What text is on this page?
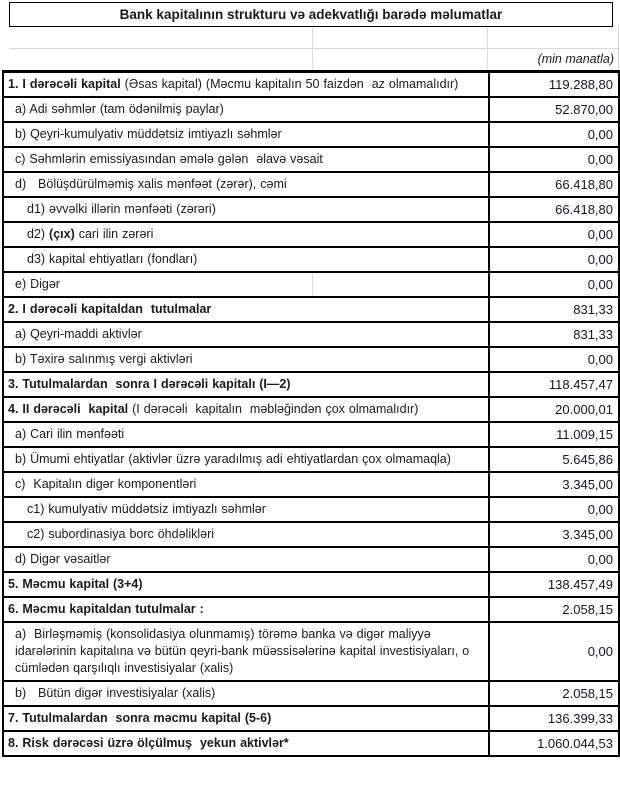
Bank kapitalının strukturu və adekvatlığı barədə məlumatlar
(min manatla)
1. I dərəcəli kapital (Əsas kapital) (Məcmu kapitalın 50 faizdən  az olmamalıdır)	119.288,80
a) Adi səhmlər (tam ödənilmiş paylar)	52.870,00
b) Qeyri-kumulyativ müddətsiz imtiyazlı səhmlər	0,00
c) Səhmlərin emissiyasından əmələ gələn  əlavə vəsait	0,00
d)   Bölüşdürülməmiş xalis mənfəət (zərər), cəmi	66.418,80
d1) əvvəlki illərin mənfəəti (zərəri)	66.418,80
d2) (çıx) cari ilin zərəri	0,00
d3) kapital ehtiyatları (fondları)	0,00
e) Digər	0,00
2. I dərəcəli kapitaldan  tutulmalar	831,33
a) Qeyri-maddi aktivlər	831,33
b) Təxirə salınmış vergi aktivləri	0,00
3. Tutulmalardan  sonra I dərəcəli kapitalı (I—2)	118.457,47
4. II dərəcəli  kapital (I dərəcəli  kapitalın  məbləğindən çox olmamalıdır)	20.000,01
a) Cari ilin mənfəəti	11.009,15
b) Ümumi ehtiyatlar (aktivlər üzrə yaradılmış adi ehtiyatlardan çox olmamaqla)	5.645,86
c)  Kapitalın digər komponentləri	3.345,00
c1) kumulyativ müddətsiz imtiyazlı səhmlər	0,00
c2) subordinasiya borc öhdəlikləri	3.345,00
d) Digər vəsaitlər	0,00
5. Məcmu kapital (3+4)	138.457,49
6. Məcmu kapitaldan tutulmalar :	2.058,15
a)  Birləşməmiş (konsolidasiya olunmamış) törəmə banka və digər maliyyə idarələrinin kapitalına və bütün qeyri-bank müəssisələrinə kapital investisiyaları, o cümlədən qarşılıqlı investisiyalar (xalis)	0,00
b)   Bütün digər investisiyalar (xalis)	2.058,15
7. Tutulmalardan  sonra məcmu kapital (5-6)	136.399,33
8. Risk dərəcəsi üzrə ölçülmuş  yekun aktivlər*	1.060.044,53
